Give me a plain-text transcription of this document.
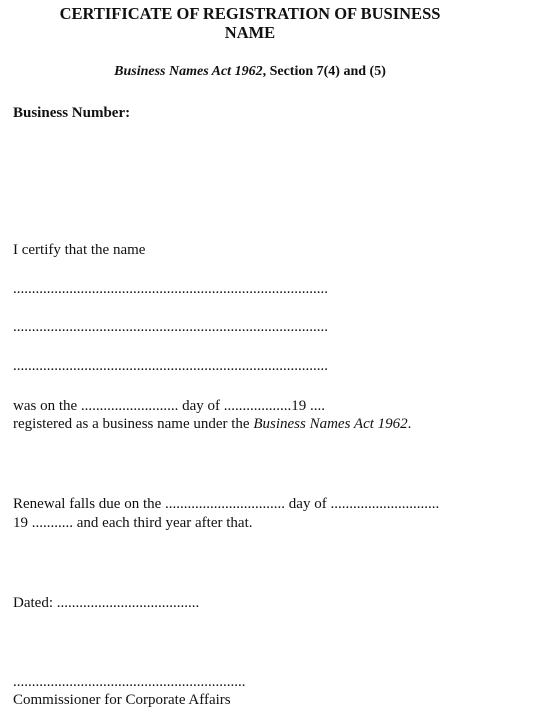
CERTIFICATE OF REGISTRATION OF BUSINESS
NAME
Business Names Act 1962, Section 7(4) and (5)
Business Number:
I certify that the name
....................................................................................
....................................................................................
....................................................................................
was on the .......................... day of ..................19 ....
registered as a business name under the Business Names Act 1962.
Renewal falls due on the ................................ day of .............................
19 ........... and each third year after that.
Dated: ......................................
..............................................................
Commissioner for Corporate Affairs
